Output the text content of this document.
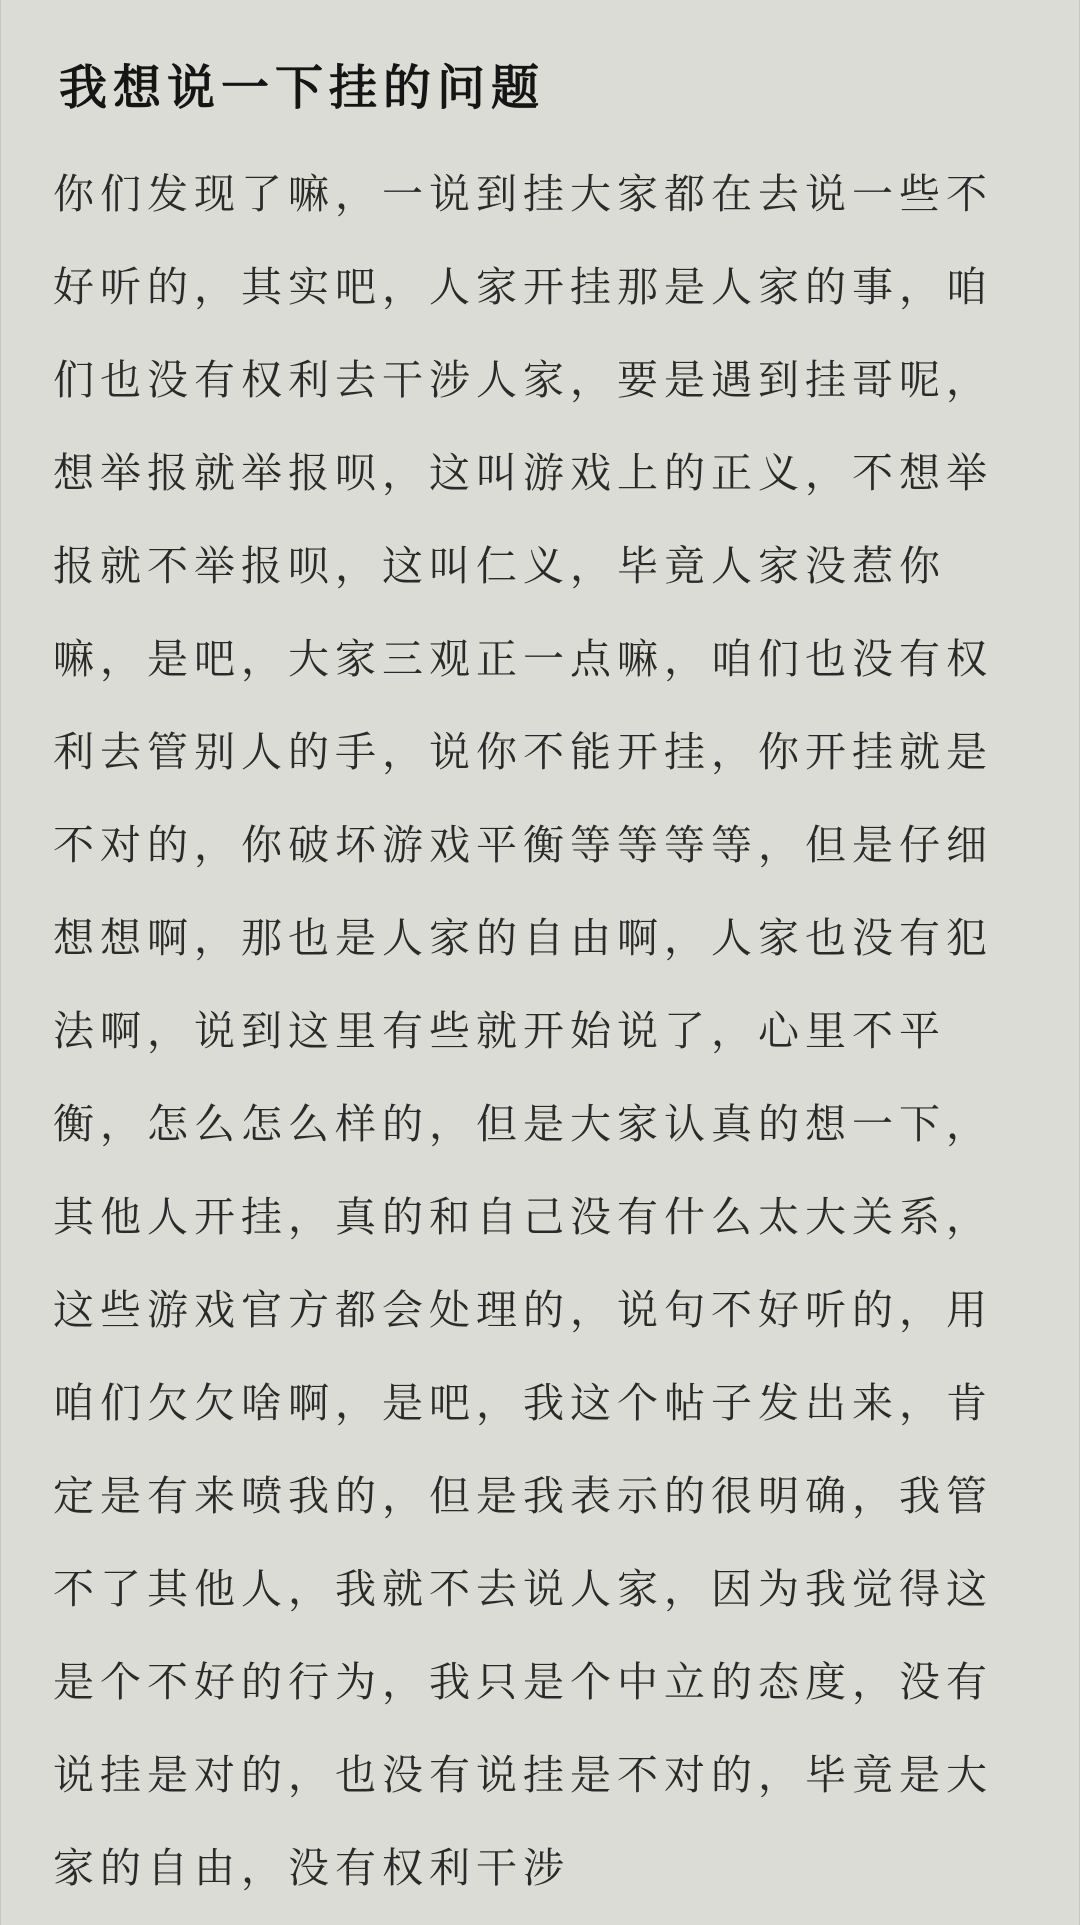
我想说一下挂的问题
你们发现了嘛，一说到挂大家都在去说一些不
好听的，其实吧，人家开挂那是人家的事，咱
们也没有权利去干涉人家，要是遇到挂哥呢，
想举报就举报呗，这叫游戏上的正义，不想举
报就不举报呗，这叫仁义，毕竟人家没惹你
嘛，是吧，大家三观正一点嘛，咱们也没有权
利去管别人的手，说你不能开挂，你开挂就是
不对的，你破坏游戏平衡等等等等，但是仔细
想想啊，那也是人家的自由啊，人家也没有犯
法啊，说到这里有些就开始说了，心里不平
衡，怎么怎么样的，但是大家认真的想一下，
其他人开挂，真的和自己没有什么太大关系，
这些游戏官方都会处理的，说句不好听的，用
咱们欠欠啥啊，是吧，我这个帖子发出来，肯
定是有来喷我的，但是我表示的很明确，我管
不了其他人，我就不去说人家，因为我觉得这
是个不好的行为，我只是个中立的态度，没有
说挂是对的，也没有说挂是不对的，毕竟是大
家的自由，没有权利干涉
